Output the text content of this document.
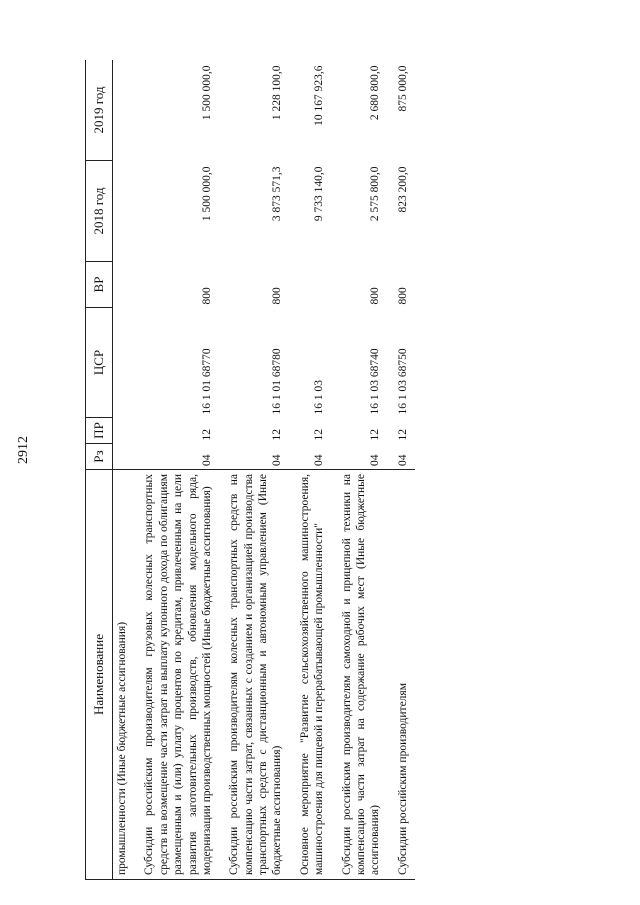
2912
Наименование	Рз	ПР	ЦСР	ВР	2018 год	2019 год
промышленности (Иные бюджетные ассигнования)						
Субсидии российским производителям грузовых колесных транспортных средств на возмещение части затрат на выплату купонного дохода по облигациям размещенным и (или) уплату процентов по кредитам, привлеченным на цели развития заготовительных производств, обновления модельного ряда, модернизации производственных мощностей (Иные бюджетные ассигнования)	04	12	16 1 01 68770	800	1 500 000,0	1 500 000,0
Субсидии российским производителям колесных транспортных средств на компенсацию части затрат, связанных с созданием и организацией производства транспортных средств с дистанционным и автономным управлением (Иные бюджетные ассигнования)	04	12	16 1 01 68780	800	3 873 571,3	1 228 100,0
Основное мероприятие "Развитие сельскохозяйственного машиностроения, машиностроения для пищевой и перерабатывающей промышленности"	04	12	16 1 03		9 733 140,0	10 167 923,6
Субсидии российским производителям самоходной и прицепной техники на компенсацию части затрат на содержание рабочих мест (Иные бюджетные ассигнования)	04	12	16 1 03 68740	800	2 575 800,0	2 680 800,0
Субсидии российским производителям	04	12	16 1 03 68750	800	823 200,0	875 000,0
